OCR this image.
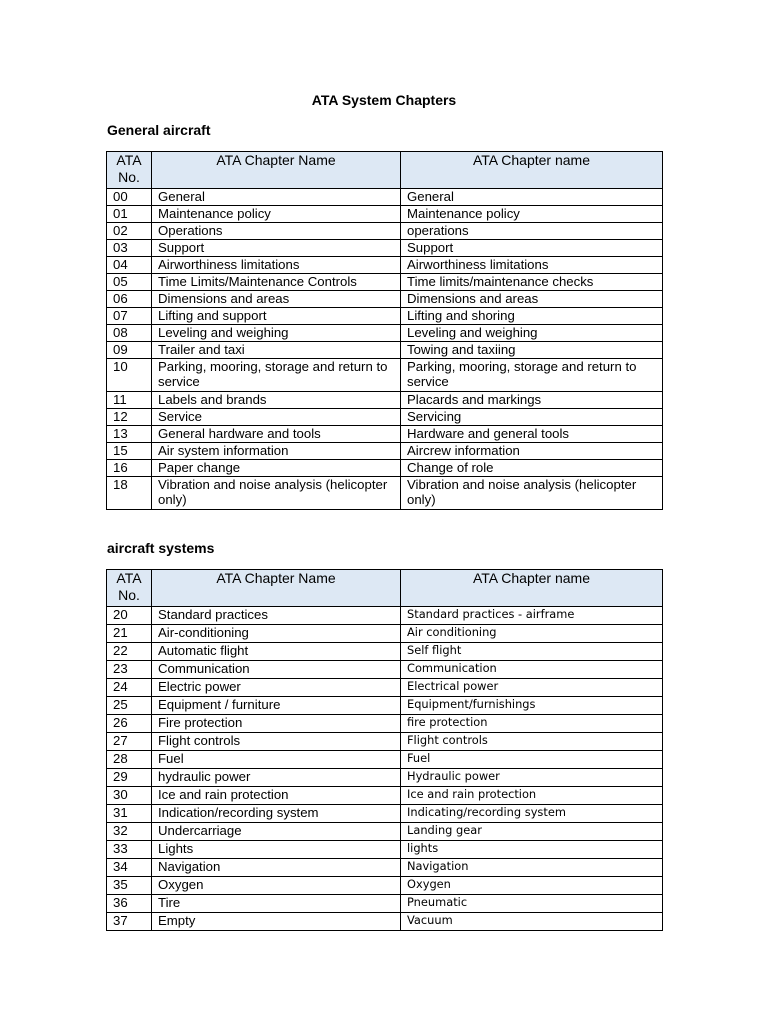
ATA System Chapters
General aircraft
ATA No.	ATA Chapter Name	ATA Chapter name
00	General	General
01	Maintenance policy	Maintenance policy
02	Operations	operations
03	Support	Support
04	Airworthiness limitations	Airworthiness limitations
05	Time Limits/Maintenance Controls	Time limits/maintenance checks
06	Dimensions and areas	Dimensions and areas
07	Lifting and support	Lifting and shoring
08	Leveling and weighing	Leveling and weighing
09	Trailer and taxi	Towing and taxiing
10	Parking, mooring, storage and return to service	Parking, mooring, storage and return to service
11	Labels and brands	Placards and markings
12	Service	Servicing
13	General hardware and tools	Hardware and general tools
15	Air system information	Aircrew information
16	Paper change	Change of role
18	Vibration and noise analysis (helicopter only)	Vibration and noise analysis (helicopter only)
aircraft systems
ATA No.	ATA Chapter Name	ATA Chapter name
20	Standard practices	Standard practices - airframe
21	Air-conditioning	Air conditioning
22	Automatic flight	Self flight
23	Communication	Communication
24	Electric power	Electrical power
25	Equipment / furniture	Equipment/furnishings
26	Fire protection	fire protection
27	Flight controls	Flight controls
28	Fuel	Fuel
29	hydraulic power	Hydraulic power
30	Ice and rain protection	Ice and rain protection
31	Indication/recording system	Indicating/recording system
32	Undercarriage	Landing gear
33	Lights	lights
34	Navigation	Navigation
35	Oxygen	Oxygen
36	Tire	Pneumatic
37	Empty	Vacuum
